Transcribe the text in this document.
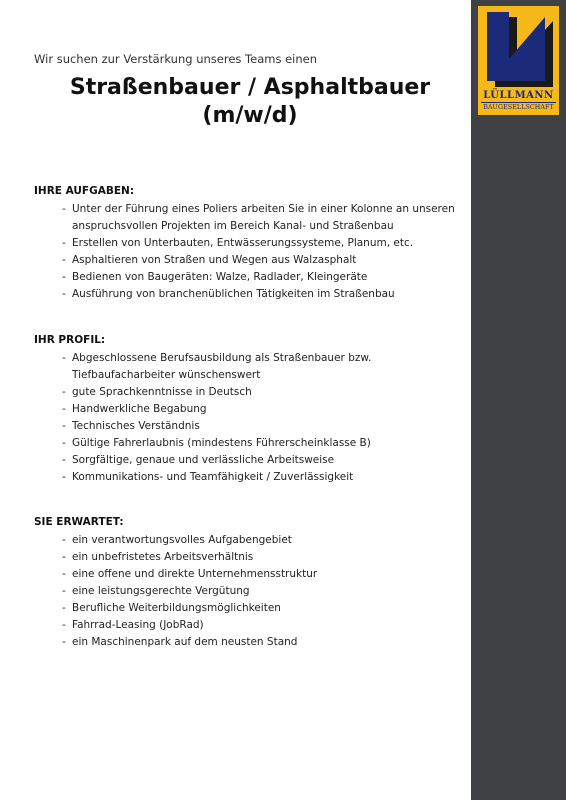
LÜLLMANN
BAUGESELLSCHAFT
Wir suchen zur Verstärkung unseres Teams einen
Straßenbauer / Asphaltbauer
(m/w/d)
IHRE AUFGABEN:
- Unter der Führung eines Poliers arbeiten Sie in einer Kolonne an unseren anspruchsvollen Projekten im Bereich Kanal- und Straßenbau
- Erstellen von Unterbauten, Entwässerungssysteme, Planum, etc.
- Asphaltieren von Straßen und Wegen aus Walzasphalt
- Bedienen von Baugeräten: Walze, Radlader, Kleingeräte
- Ausführung von branchenüblichen Tätigkeiten im Straßenbau
IHR PROFIL:
- Abgeschlossene Berufsausbildung als Straßenbauer bzw. Tiefbaufacharbeiter wünschenswert
- gute Sprachkenntnisse in Deutsch
- Handwerkliche Begabung
- Technisches Verständnis
- Gültige Fahrerlaubnis (mindestens Führerscheinklasse B)
- Sorgfältige, genaue und verlässliche Arbeitsweise
- Kommunikations- und Teamfähigkeit / Zuverlässigkeit
SIE ERWARTET:
- ein verantwortungsvolles Aufgabengebiet
- ein unbefristetes Arbeitsverhältnis
- eine offene und direkte Unternehmensstruktur
- eine leistungsgerechte Vergütung
- Berufliche Weiterbildungsmöglichkeiten
- Fahrrad-Leasing (JobRad)
- ein Maschinenpark auf dem neusten Stand
